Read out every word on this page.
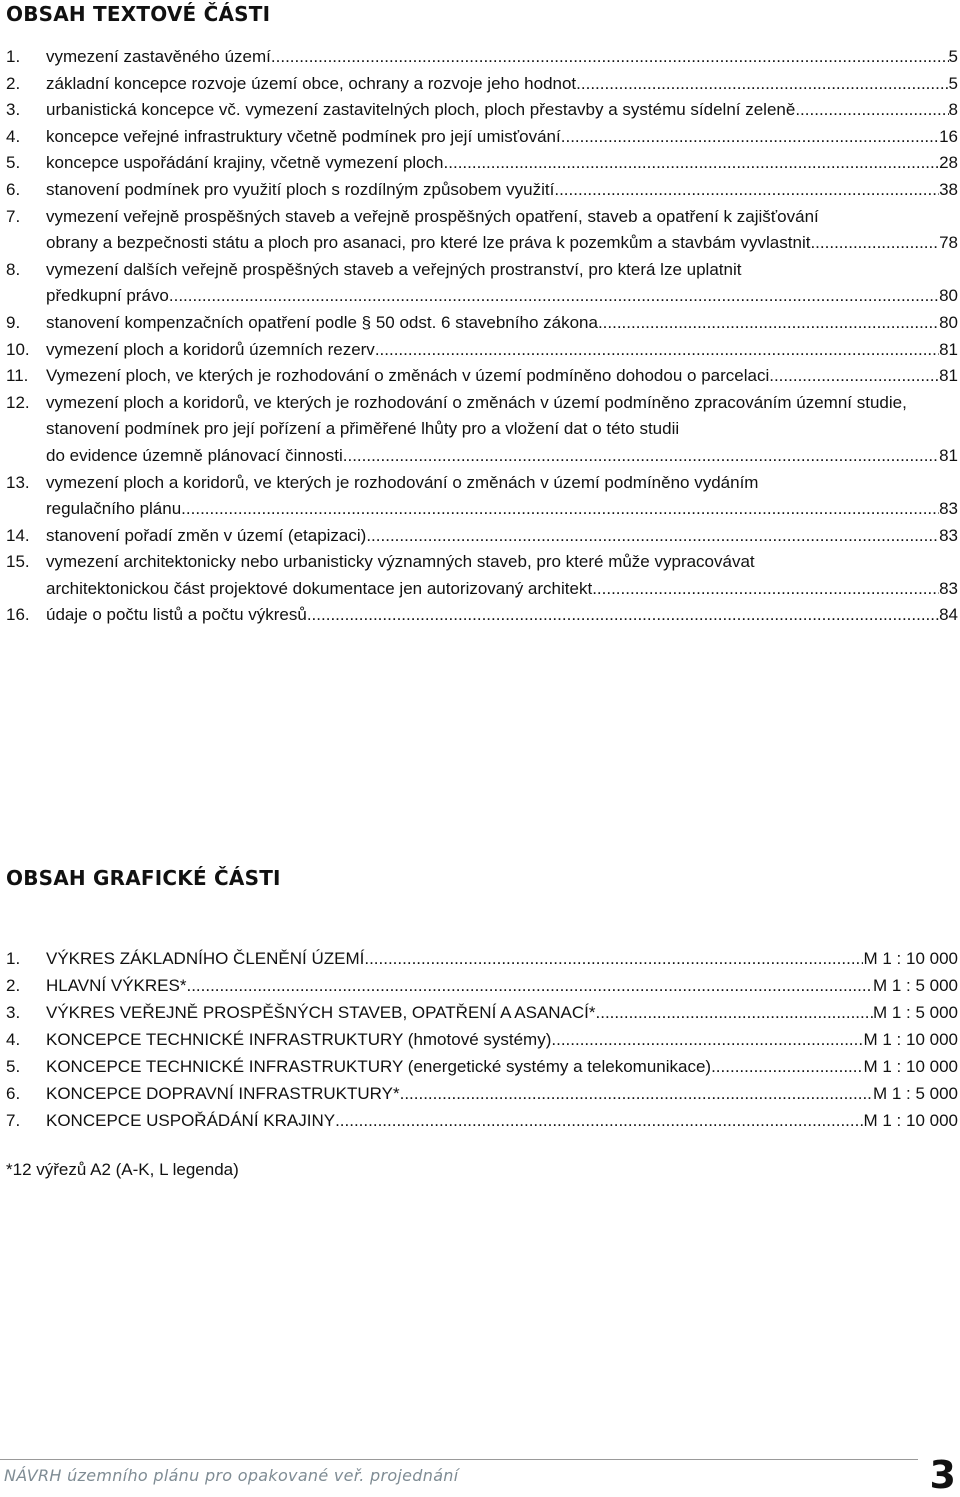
OBSAH TEXTOVÉ ČÁSTI
1.	vymezení zastavěného území .....	5
2.	základní koncepce rozvoje území obce, ochrany a rozvoje jeho hodnot .....	5
3.	urbanistická koncepce vč. vymezení zastavitelných ploch, ploch přestavby a systému sídelní zeleně .....	8
4.	koncepce veřejné infrastruktury včetně podmínek pro její umisťování .....	16
5.	koncepce uspořádání krajiny, včetně vymezení ploch .....	28
6.	stanovení podmínek pro využití ploch s rozdílným způsobem využití .....	38
7.	vymezení veřejně prospěšných staveb a veřejně prospěšných opatření, staveb a opatření k zajišťování
obrany a bezpečnosti státu a ploch pro asanaci, pro které lze práva k pozemkům a stavbám vyvlastnit .....	78
8.	vymezení dalších veřejně prospěšných staveb a veřejných prostranství, pro která lze uplatnit
předkupní právo .....	80
9.	stanovení kompenzačních opatření podle § 50 odst. 6 stavebního zákona .....	80
10. vymezení ploch a koridorů územních rezerv .....	81
11.	Vymezení ploch, ve kterých je rozhodování o změnách v území podmíněno dohodou o parcelaci .....	81
12. vymezení ploch a koridorů, ve kterých je rozhodování o změnách v území podmíněno zpracováním územní studie, stanovení podmínek pro její pořízení a přiměřené lhůty pro a vložení dat o této studii
do evidence územně plánovací činnosti .....	81
13. vymezení ploch a koridorů, ve kterých je rozhodování o změnách v území podmíněno vydáním
regulačního plánu .....	83
14. stanovení pořadí změn v území (etapizaci) .....	83
15. vymezení architektonicky nebo urbanisticky významných staveb, pro které může vypracovávat
architektonickou část projektové dokumentace jen autorizovaný architekt .....	83
16. údaje o počtu listů a počtu výkresů .....	84
OBSAH GRAFICKÉ ČÁSTI
1.	VÝKRES ZÁKLADNÍHO ČLENĚNÍ ÚZEMÍ .....	M 1 : 10 000
2.	HLAVNÍ VÝKRES* .....	M 1 : 5 000
3.	VÝKRES VEŘEJNĚ PROSPĚŠNÝCH STAVEB, OPATŘENÍ A ASANACÍ* .....	M 1 : 5 000
4.	KONCEPCE TECHNICKÉ INFRASTRUKTURY (hmotové systémy) .....	M 1 : 10 000
5.	KONCEPCE TECHNICKÉ INFRASTRUKTURY (energetické systémy a telekomunikace) .....	M 1 : 10 000
6.	KONCEPCE DOPRAVNÍ INFRASTRUKTURY* .....	M 1 : 5 000
7.	KONCEPCE USPOŘÁDÁNÍ KRAJINY .....	M 1 : 10 000
*12 výřezů A2 (A-K, L legenda)
NÁVRH územního plánu pro opakované veř. projednání	3
